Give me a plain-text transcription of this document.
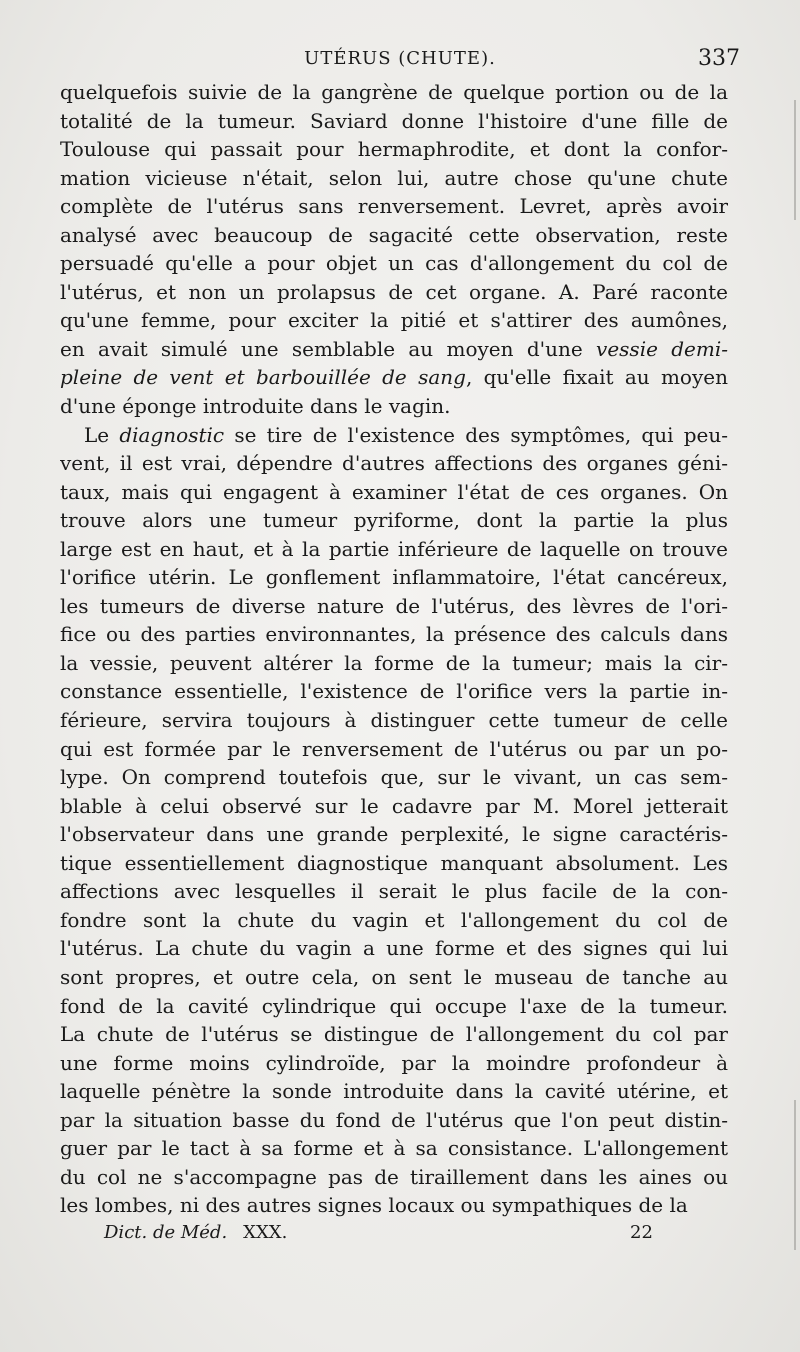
UTÉRUS (CHUTE).	337
quelquefois suivie de la gangrène de quelque portion ou de la
totalité de la tumeur. Saviard donne l'histoire d'une fille de
Toulouse qui passait pour hermaphrodite, et dont la confor-
mation vicieuse n'était, selon lui, autre chose qu'une chute
complète de l'utérus sans renversement. Levret, après avoir
analysé avec beaucoup de sagacité cette observation, reste
persuadé qu'elle a pour objet un cas d'allongement du col de
l'utérus, et non un prolapsus de cet organe. A. Paré raconte
qu'une femme, pour exciter la pitié et s'attirer des aumônes,
en avait simulé une semblable au moyen d'une vessie demi-
pleine de vent et barbouillée de sang, qu'elle fixait au moyen
d'une éponge introduite dans le vagin.
Le diagnostic se tire de l'existence des symptômes, qui peu-
vent, il est vrai, dépendre d'autres affections des organes géni-
taux, mais qui engagent à examiner l'état de ces organes. On
trouve alors une tumeur pyriforme, dont la partie la plus
large est en haut, et à la partie inférieure de laquelle on trouve
l'orifice utérin. Le gonflement inflammatoire, l'état cancéreux,
les tumeurs de diverse nature de l'utérus, des lèvres de l'ori-
fice ou des parties environnantes, la présence des calculs dans
la vessie, peuvent altérer la forme de la tumeur; mais la cir-
constance essentielle, l'existence de l'orifice vers la partie in-
férieure, servira toujours à distinguer cette tumeur de celle
qui est formée par le renversement de l'utérus ou par un po-
lype. On comprend toutefois que, sur le vivant, un cas sem-
blable à celui observé sur le cadavre par M. Morel jetterait
l'observateur dans une grande perplexité, le signe caractéris-
tique essentiellement diagnostique manquant absolument. Les
affections avec lesquelles il serait le plus facile de la con-
fondre sont la chute du vagin et l'allongement du col de
l'utérus. La chute du vagin a une forme et des signes qui lui
sont propres, et outre cela, on sent le museau de tanche au
fond de la cavité cylindrique qui occupe l'axe de la tumeur.
La chute de l'utérus se distingue de l'allongement du col par
une forme moins cylindroïde, par la moindre profondeur à
laquelle pénètre la sonde introduite dans la cavité utérine, et
par la situation basse du fond de l'utérus que l'on peut distin-
guer par le tact à sa forme et à sa consistance. L'allongement
du col ne s'accompagne pas de tiraillement dans les aines ou
les lombes, ni des autres signes locaux ou sympathiques de la
Dict. de Méd. XXX.	22
